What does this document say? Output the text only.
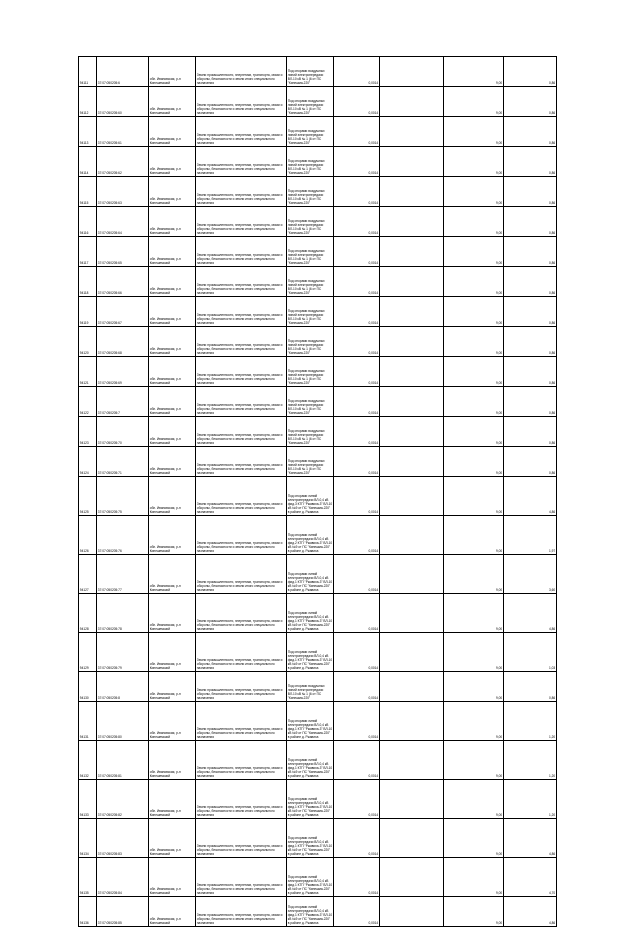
94111	37:07:050205:6	обл. Ивановская, р-н Кинешемский	Земли промышленности, энергетики, транспорта, связи и обороны, безопасности и земли иного специального назначения	Под опорами воздушных линий электропередачи ВЛ-10 кВ № 1 (6 от ПС "Кинешма-220"	0,0014		9,00	0,86
94112	37:07:050205:60	обл. Ивановская, р-н Кинешемский	Земли промышленности, энергетики, транспорта, связи и обороны, безопасности и земли иного специального назначения	Под опорами воздушных линий электропередачи ВЛ-10 кВ № 1 (6 от ПС "Кинешма-220"	0,0014		9,00	0,86
94113	37:07:050205:61	обл. Ивановская, р-н Кинешемский	Земли промышленности, энергетики, транспорта, связи и обороны, безопасности и земли иного специального назначения	Под опорами воздушных линий электропередачи ВЛ-10 кВ № 1 (6 от ПС "Кинешма-220"	0,0014		9,00	0,86
94114	37:07:050205:62	обл. Ивановская, р-н Кинешемский	Земли промышленности, энергетики, транспорта, связи и обороны, безопасности и земли иного специального назначения	Под опорами воздушных линий электропередачи ВЛ-10 кВ № 1 (6 от ПС "Кинешма-220"	0,0014		9,00	0,86
94115	37:07:050205:63	обл. Ивановская, р-н Кинешемский	Земли промышленности, энергетики, транспорта, связи и обороны, безопасности и земли иного специального назначения	Под опорами воздушных линий электропередачи ВЛ-10 кВ № 1 (6 от ПС "Кинешма-220"	0,0014		9,00	0,86
94116	37:07:050205:64	обл. Ивановская, р-н Кинешемский	Земли промышленности, энергетики, транспорта, связи и обороны, безопасности и земли иного специального назначения	Под опорами воздушных линий электропередачи ВЛ-10 кВ № 1 (6 от ПС "Кинешма-220"	0,0014		9,00	0,86
94117	37:07:050205:65	обл. Ивановская, р-н Кинешемский	Земли промышленности, энергетики, транспорта, связи и обороны, безопасности и земли иного специального назначения	Под опорами воздушных линий электропередачи ВЛ-10 кВ № 1 (6 от ПС "Кинешма-220"	0,0014		9,00	0,86
94118	37:07:050205:66	обл. Ивановская, р-н Кинешемский	Земли промышленности, энергетики, транспорта, связи и обороны, безопасности и земли иного специального назначения	Под опорами воздушных линий электропередачи ВЛ-10 кВ № 1 (6 от ПС "Кинешма-220"	0,0014		9,00	0,86
94119	37:07:050205:67	обл. Ивановская, р-н Кинешемский	Земли промышленности, энергетики, транспорта, связи и обороны, безопасности и земли иного специального назначения	Под опорами воздушных линий электропередачи ВЛ-10 кВ № 1 (6 от ПС "Кинешма-220"	0,0014		9,00	0,86
94120	37:07:050205:68	обл. Ивановская, р-н Кинешемский	Земли промышленности, энергетики, транспорта, связи и обороны, безопасности и земли иного специального назначения	Под опорами воздушных линий электропередачи ВЛ-10 кВ № 1 (6 от ПС "Кинешма-220"	0,0014		9,00	0,86
94121	37:07:050205:69	обл. Ивановская, р-н Кинешемский	Земли промышленности, энергетики, транспорта, связи и обороны, безопасности и земли иного специального назначения	Под опорами воздушных линий электропередачи ВЛ-10 кВ № 1 (6 от ПС "Кинешма-220"	0,0014		9,00	0,86
94122	37:07:050205:7	обл. Ивановская, р-н Кинешемский	Земли промышленности, энергетики, транспорта, связи и обороны, безопасности и земли иного специального назначения	Под опорами воздушных линий электропередачи ВЛ-10 кВ № 1 (6 от ПС "Кинешма-220"	0,0014		9,00	0,86
94123	37:07:050205:70	обл. Ивановская, р-н Кинешемский	Земли промышленности, энергетики, транспорта, связи и обороны, безопасности и земли иного специального назначения	Под опорами воздушных линий электропередачи ВЛ-10 кВ № 1 (6 от ПС "Кинешма-220"	0,0014		9,00	0,86
94124	37:07:050205:71	обл. Ивановская, р-н Кинешемский	Земли промышленности, энергетики, транспорта, связи и обороны, безопасности и земли иного специального назначения	Под опорами воздушных линий электропередачи ВЛ-10 кВ № 1 (6 от ПС "Кинешма-220"	0,0014		9,00	0,86
94125	37:07:050205:75	обл. Ивановская, р-н Кинешемский	Земли промышленности, энергетики, транспорта, связи и обороны, безопасности и земли иного специального назначения	Под опорами линий электропередачи ВЛ-0,4 кВ фид.3 КТП "Ржавиха-3" ВЛ-10 кВ №9 от ПС "Кинешма-220" в районе д. Ржавиха	0,0014		9,00	4,86
94126	37:07:050205:76	обл. Ивановская, р-н Кинешемский	Земли промышленности, энергетики, транспорта, связи и обороны, безопасности и земли иного специального назначения	Под опорами линий электропередачи ВЛ-0,4 кВ фид.2 КТП "Ржавиха-3" ВЛ-10 кВ №9 от ПС "Кинешма-220" в районе д. Ржавиха	0,0014		9,00	1,97
94127	37:07:050205:77	обл. Ивановская, р-н Кинешемский	Земли промышленности, энергетики, транспорта, связи и обороны, безопасности и земли иного специального назначения	Под опорами линий электропередачи ВЛ-0,4 кВ фид.1 КТП "Ржавиха-3" ВЛ-10 кВ №9 от ПС "Кинешма-220" в районе д. Ржавиха	0,0014		9,00	3,60
94128	37:07:050205:78	обл. Ивановская, р-н Кинешемский	Земли промышленности, энергетики, транспорта, связи и обороны, безопасности и земли иного специального назначения	Под опорами линий электропередачи ВЛ-0,4 кВ фид.1 КТП "Ржавиха-3" ВЛ-10 кВ №9 от ПС "Кинешма-220" в районе д. Ржавиха	0,0014		9,00	4,86
94129	37:07:050205:79	обл. Ивановская, р-н Кинешемский	Земли промышленности, энергетики, транспорта, связи и обороны, безопасности и земли иного специального назначения	Под опорами линий электропередачи ВЛ-0,4 кВ фид.1 КТП "Ржавиха-3" ВЛ-10 кВ №9 от ПС "Кинешма-220" в районе д. Ржавиха	0,0014		9,00	1,03
94130	37:07:050205:8	обл. Ивановская, р-н Кинешемский	Земли промышленности, энергетики, транспорта, связи и обороны, безопасности и земли иного специального назначения	Под опорами воздушных линий электропередачи ВЛ-10 кВ № 1 (6 от ПС "Кинешма-220"	0,0014		9,00	0,86
94131	37:07:050205:80	обл. Ивановская, р-н Кинешемский	Земли промышленности, энергетики, транспорта, связи и обороны, безопасности и земли иного специального назначения	Под опорами линий электропередачи ВЛ-0,4 кВ фид.1 КТП "Ржавиха-3" ВЛ-10 кВ №9 от ПС "Кинешма-220" в районе д. Ржавиха	0,0014		9,00	1,20
94132	37:07:050205:81	обл. Ивановская, р-н Кинешемский	Земли промышленности, энергетики, транспорта, связи и обороны, безопасности и земли иного специального назначения	Под опорами линий электропередачи ВЛ-0,4 кВ фид.1 КТП "Ржавиха-3" ВЛ-10 кВ №9 от ПС "Кинешма-220" в районе д. Ржавиха	0,0014		9,00	1,20
94133	37:07:050205:82	обл. Ивановская, р-н Кинешемский	Земли промышленности, энергетики, транспорта, связи и обороны, безопасности и земли иного специального назначения	Под опорами линий электропередачи ВЛ-0,4 кВ фид.1 КТП "Ржавиха-3" ВЛ-10 кВ №9 от ПС "Кинешма-220" в районе д. Ржавиха	0,0014		9,00	1,20
94134	37:07:050205:83	обл. Ивановская, р-н Кинешемский	Земли промышленности, энергетики, транспорта, связи и обороны, безопасности и земли иного специального назначения	Под опорами линий электропередачи ВЛ-0,4 кВ фид.1 КТП "Ржавиха-3" ВЛ-10 кВ №9 от ПС "Кинешма-220" в районе д. Ржавиха	0,0014		9,00	4,86
94135	37:07:050205:84	обл. Ивановская, р-н Кинешемский	Земли промышленности, энергетики, транспорта, связи и обороны, безопасности и земли иного специального назначения	Под опорами линий электропередачи ВЛ-0,4 кВ фид.1 КТП "Ржавиха-3" ВЛ-10 кВ №9 от ПС "Кинешма-220" в районе д. Ржавиха	0,0014		9,00	4,70
94136	37:07:050205:85	обл. Ивановская, р-н Кинешемский	Земли промышленности, энергетики, транспорта, связи и обороны, безопасности и земли иного специального назначения	Под опорами линий электропередачи ВЛ-0,4 кВ фид.1 КТП "Ржавиха-3" ВЛ-10 кВ №9 от ПС "Кинешма-220" в районе д. Ржавиха	0,0014		9,00	4,86
